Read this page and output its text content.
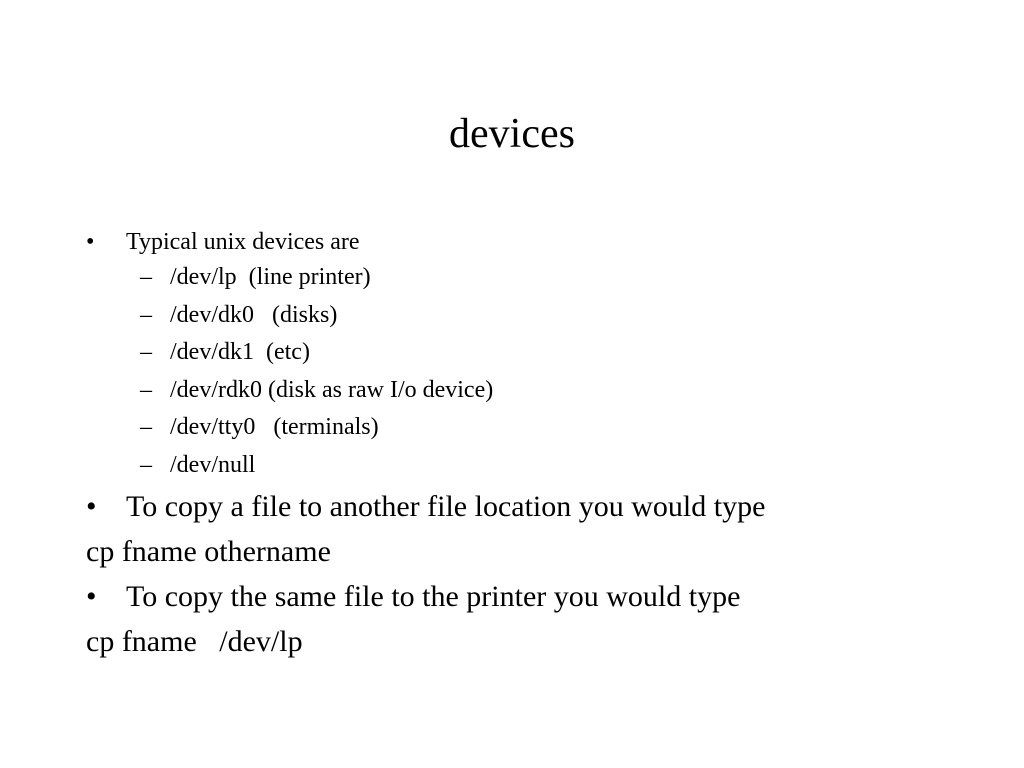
devices
•	Typical unix devices are
– /dev/lp  (line printer)
– /dev/dk0   (disks)
– /dev/dk1  (etc)
– /dev/rdk0 (disk as raw I/o device)
– /dev/tty0   (terminals)
– /dev/null
• To copy a file to another file location you would type
cp fname othername
• To copy the same file to the printer you would type
cp fname   /dev/lp
